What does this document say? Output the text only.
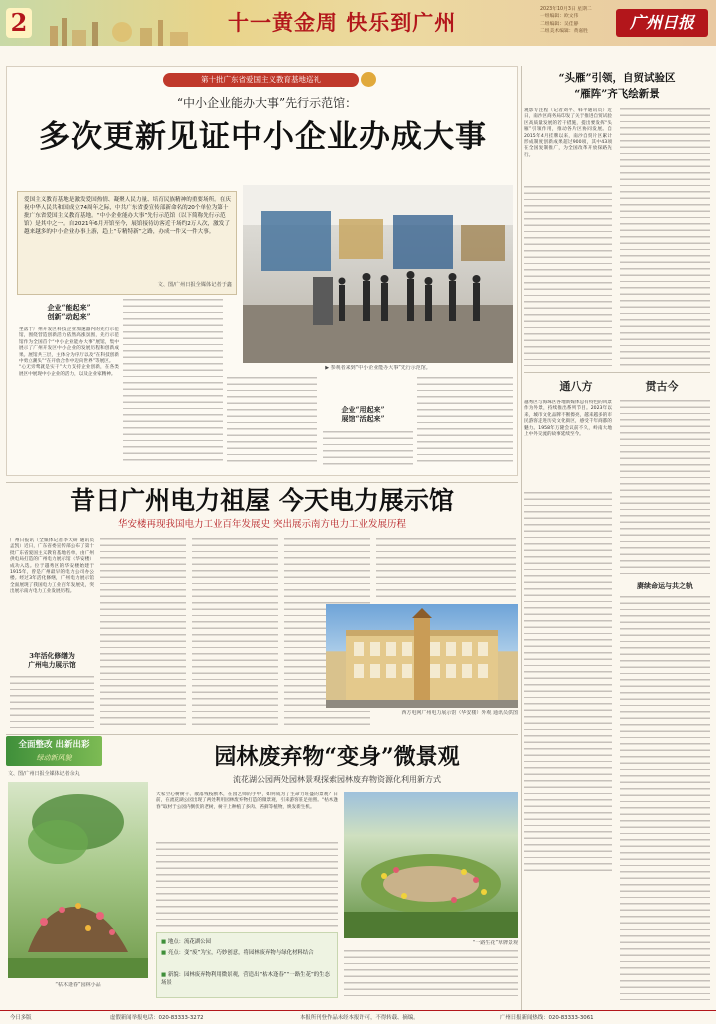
2	十一黄金周 快乐到广州
2023年10月3日 星期二
一组编辑：欧文伟
二组编辑：吴佳静
二组美术编辑：黄嘉胜	广州日报
第十批广东省爱国主义教育基地巡礼
“中小企业能办大事”先行示范馆：
多次更新见证中小企业办成大事
爱国主义教育基地是激发爱国热情、凝聚人民力量、培育民族精神的重要场所。在庆祝中华人民共和国成立74周年之际，中共广东省委宣传部新命名的20个单位为第十批广东省爱国主义教育基地。“中小企业能办大事”先行示范馆（以下简称先行示范馆）是其中之一。自2021年6月开馆至今，展馆接待访客近千场约2万人次，激发了越来越多的中小企业办事上游，趋上“专精特新”之路，办成一件又一件大事。
文、图/广州日报全媒体记者于鑫
▶ 参观者来到“中小企业能办大事”先行示范馆。
企业“能起来”
创新“动起来”
企业“用起来”
展馆“活起来”
坐落于广州开发区科技企业加速器内的先行示范馆，围绕营造创新活力依然高涨氛围，先行示范馆作为全国首个“中小企业能办大事”展馆，集中展示了广州开发区中小企业的发展历程和创新成果。展馆共三层，主体分为序厅以及“在科技创新中勇立潮头”“在开放合作中迈向世界”等展区。
“心无旁骛就是实干”大力支持企业创新，在各类展区中展现中小企业的活力，以及企业家精神。
“头雁”引领，自贸试验区
“雁阵”齐飞绘新景
观影专注程（记者刘平、韩平通讯员）近日，南沙区商务局印发了关于推进自贸试验区高质量发展的若干措施，提出要发挥“头雁”引领作用，推动各片区协同发展。自2015年4月挂牌以来，南沙自贸片区累计形成制度创新成果超过900项，其中43项在全国复制推广，为全国改革开放探路先行。
通八方	贯古今
越秀区与海珠区各地新媒体总有特色的风景作为外景，持续推出系列节目。2023年以来，城市文化品牌不断擦亮，越来越多的市民游客走进历史文化街区，感受千年商都的魅力。1958年万隆会议前不久，岭南大地上中外交流的故事延续至今。
赓续命运与共之轨
昔日广州电力祖屋 今天电力展示馆
华安楼再现我国电力工业百年发展史 突出展示南方电力工业发展历程
广州日报讯（全媒体记者李天研 通讯员孟凯）近日，广东省委宣传部公布了第十批广东省爱国主义教育基地名单，由广州供电局打造的广州电力展示馆（华安楼）成功入选。位于越秀区的华安楼始建于1915年，曾是广州最早的电力公司办公楼。经过3年活化修缮，广州电力展示馆全面展现了我国电力工业百年发展史，突出展示南方电力工业发展历程。
3年活化修缮为
广州电力展示馆
西方电网广州电力展示馆（华安楼）外观 通讯员供图
全面整改 出新出彩
绿动新风貌
文、图/广州日报全媒体记者余丸
园林废弃物“变身”微景观
流花湖公园两处园林景观探索园林废弃物资源化利用新方式
“枯木逢春”园林小品
大家空心树树干、散落残枝断木，在园艺师的手中，如何成为了生命力旺盛的景观？日前，在流花湖公园出现了两处利用园林废弃物打造的微景观，引来游客驻足拍照。“枯木逢春”取材于公园内倒伏的老树，树干上种植了多肉、苔藓等植物，焕发新生机。
“一路生花”草牌景观
■ 地点：流花湖公园
■ 亮点：变“废”为宝，巧妙创意，将园林废弃物与绿化材料结合
■ 新貌：园林废弃物利用微景观，营造出“枯木逢春”“一路生花”的生态场景
今日多版	虚假新闻举报电话：020-83333-3272	本报所刊登作品未经本报许可，不得转载、摘编。	广州日报新闻热线：020-83333-3061
